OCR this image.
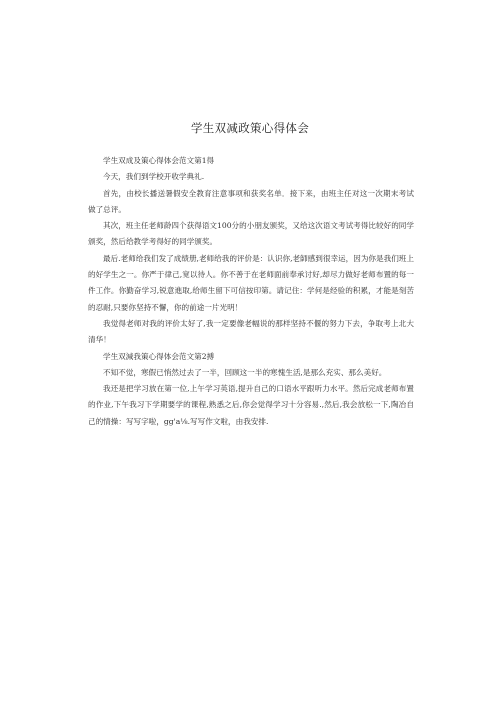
学生双减政策心得体会

学生双成及策心得体会范文第1得

今天，我们到学校开收学典礼.

首先，由校长播送暑假安全教育注意事项和获奖名单．接下来，由班主任对这一次期末考试做了总评。

其次，班主任老师龄四个获得语文100分的小朋友颁奖，又给这次语文考试考得比较好的同学颁奖，然后给教学考得好的同学颁奖。

最后.老师给我们发了成绩册,老师给我的评价是：认识你,老師感到很幸运，因为你是我们班上的好学生之一。你严于律己,宽以待人。你不善于在老师面前奉承讨好,却尽力做好老师布置的每一件工作。你勤奋学习,锐意進取,给师生留下可信按印第。请记住：学何是经验的积累，才能是刻苦的忍耐,只要你坚持不懈，你的前途一片光明！

我觉得老师对我的评价太好了,我一定要像老幅说的那样坚持不偃的努力下去，争取考上北大清华！

学生双減我策心得体会范文第2搏

不知不觉，寒假已悄然过去了一半，回顾这一半的寒愧生活,是那么充实、那么美好。

我还是把学习放在第一位,上午学习英语,提升自己的口语水平跟听力水平。然后完成老师布置的作业,下午我习下学期要学的课程,熟悉之后,你会觉得学习十分容易.,然后,我会放松一下,陶冶自己的情操：写写字啦，gg'a⅛.写写作文啦，由我安排.
